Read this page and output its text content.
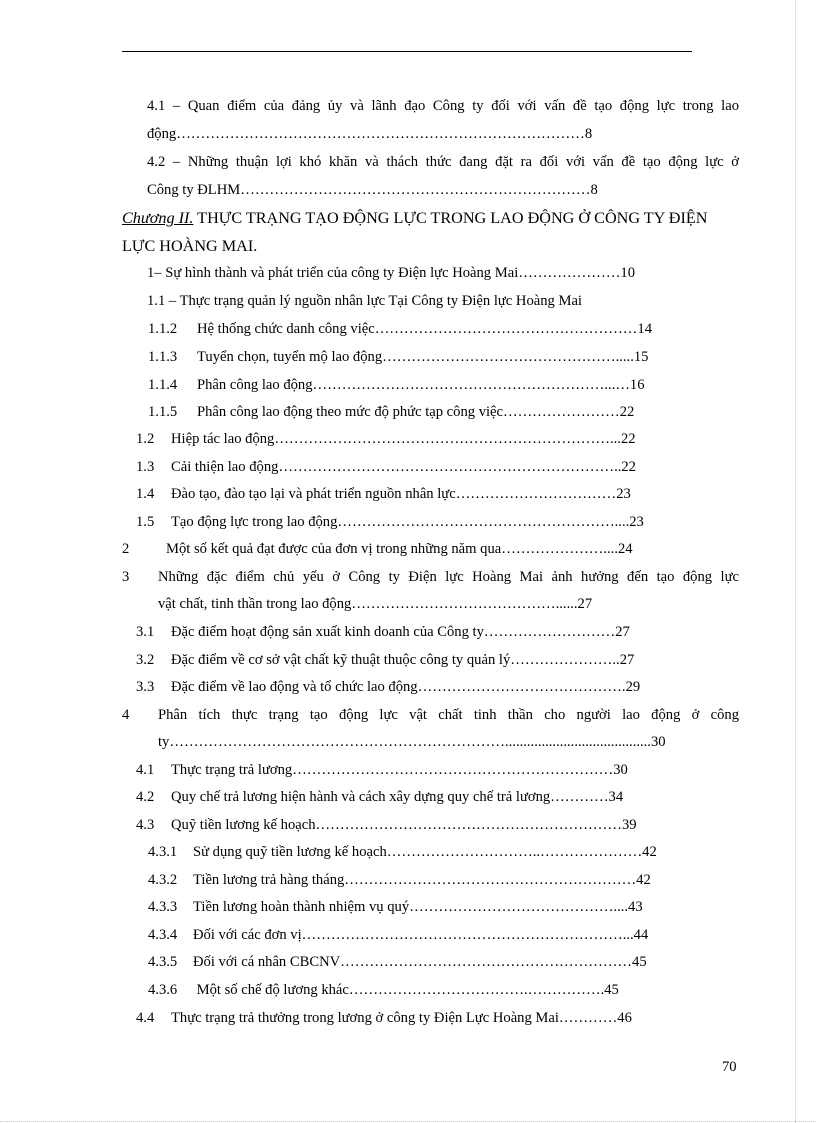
4.1 – Quan điểm của đảng ủy và lãnh đạo Công ty đối với vấn đề tạo động lực trong lao
động…………………………………………………………………………8
4.2 – Những thuận lợi khó khăn và thách thức đang đặt ra đối với vấn đề tạo động lực ở
Công ty ĐLHM………………………………………………………………8
Chương II. THỰC TRẠNG TẠO ĐỘNG LỰC TRONG LAO ĐỘNG Ở CÔNG TY ĐIỆN
LỰC HOÀNG MAI.
1– Sự hình thành và phát triển của công ty Điện lực Hoàng Mai…………………10
1.1 – Thực trạng quản lý nguồn nhân lực Tại Công ty Điện lực Hoàng Mai
1.1.2 Hệ thống chức danh công việc………………………………………………14
1.1.3 Tuyển chọn, tuyển mộ lao động………………………………………….....15
1.1.4 Phân công lao động……………………………………………………...…16
1.1.5 Phân công lao động theo mức độ phức tạp công việc……………………22
1.2 Hiệp tác lao động……………………………………………………………...22
1.3 Cải thiện lao động……………………………………………………………..22
1.4 Đào tạo, đào tạo lại và phát triển nguồn nhân lực……………………………23
1.5 Tạo động lực trong lao động…………………………………………………....23
2	Một số kết quả đạt được của đơn vị trong những năm qua…………………....24
3 Những đặc điểm chủ yếu ở Công ty Điện lực Hoàng Mai ảnh hưởng đến tạo động lực
vật chất, tinh thần trong lao động……………………………………......27
3.1 Đặc điểm hoạt động sản xuất kinh doanh của Công ty………………………27
3.2 Đặc điểm về cơ sở vật chất kỹ thuật thuộc công ty quản lý…………………..27
3.3 Đặc điểm về lao động và tổ chức lao động…………………………………….29
4 Phân tích thực trạng tạo động lực vật chất tinh thần cho người lao động ở công
ty……………………………………………………………........................................30
4.1 Thực trạng trả lương…………………………………………………………30
4.2 Quy chế trả lương hiện hành và cách xây dựng quy chế trả lương…………34
4.3 Quỹ tiền lương kế hoạch………………………………………………………39
4.3.1 Sử dụng quỹ tiền lương kế hoạch…………………………..…………………42
4.3.2 Tiền lương trả hàng tháng……………………………………………………42
4.3.3 Tiền lương hoàn thành nhiệm vụ quý……………………………………....43
4.3.4 Đối với các đơn vị…………………………………………………………...44
4.3.5 Đối với cá nhân CBCNV……………………………………………………45
4.3.6 Một số chế độ lương khác……………………………….…………….45
4.4 Thực trạng trả thưởng trong lương ở công ty Điện Lực Hoàng Mai…………46
70
